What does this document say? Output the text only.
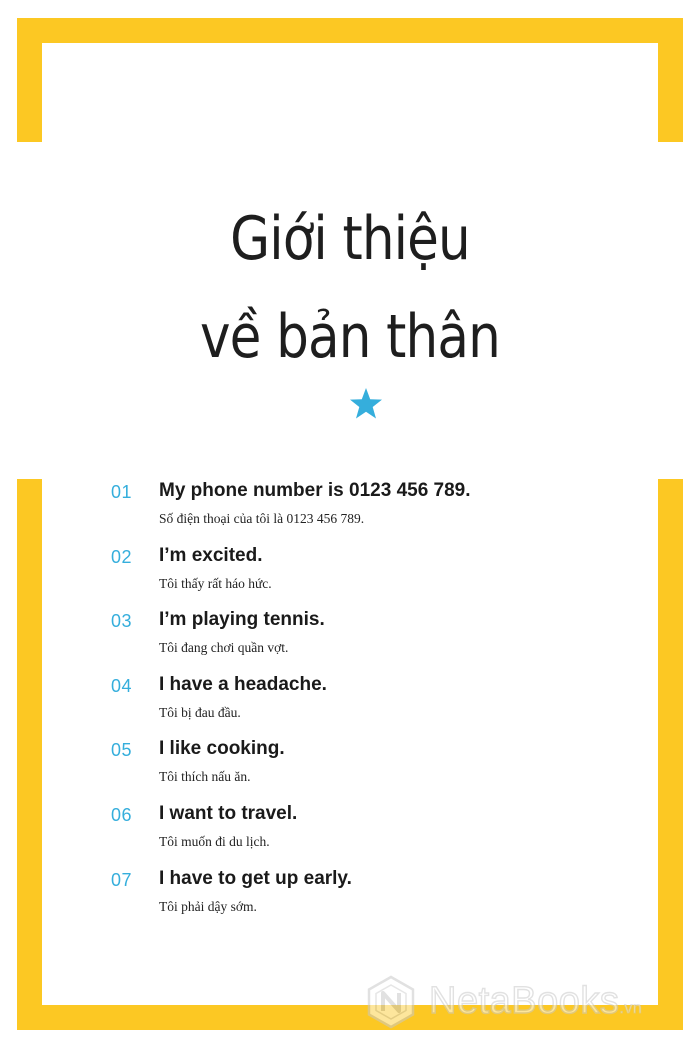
Giới thiệu
về bản thân
01 My phone number is 0123 456 789.
Số điện thoại của tôi là 0123 456 789.
02 I’m excited.
Tôi thấy rất háo hức.
03 I’m playing tennis.
Tôi đang chơi quần vợt.
04 I have a headache.
Tôi bị đau đầu.
05 I like cooking.
Tôi thích nấu ăn.
06 I want to travel.
Tôi muốn đi du lịch.
07 I have to get up early.
Tôi phải dậy sớm.
NetaBooks.vn
